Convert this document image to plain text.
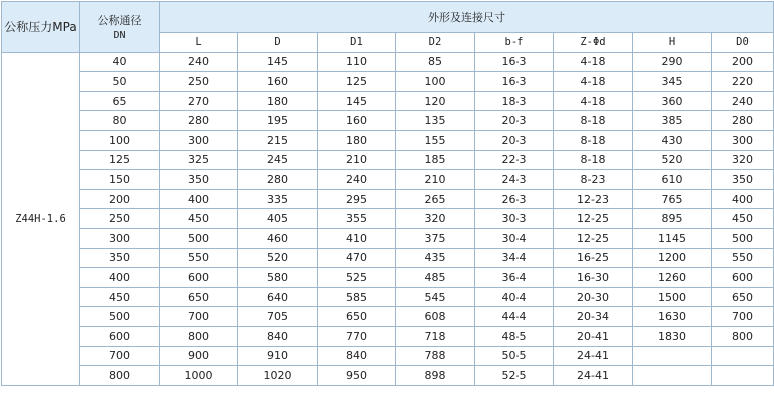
公称压力MPa	公称通径
DN	外形及连接尺寸							
		L	D	D1	D2	b-f	Z-Φd	H	D0
Z44H-1.6	40	240	145	110	85	16-3	4-18	290	200
	50	250	160	125	100	16-3	4-18	345	220
	65	270	180	145	120	18-3	4-18	360	240
	80	280	195	160	135	20-3	8-18	385	280
	100	300	215	180	155	20-3	8-18	430	300
	125	325	245	210	185	22-3	8-18	520	320
	150	350	280	240	210	24-3	8-23	610	350
	200	400	335	295	265	26-3	12-23	765	400
	250	450	405	355	320	30-3	12-25	895	450
	300	500	460	410	375	30-4	12-25	1145	500
	350	550	520	470	435	34-4	16-25	1200	550
	400	600	580	525	485	36-4	16-30	1260	600
	450	650	640	585	545	40-4	20-30	1500	650
	500	700	705	650	608	44-4	20-34	1630	700
	600	800	840	770	718	48-5	20-41	1830	800
	700	900	910	840	788	50-5	24-41		
	800	1000	1020	950	898	52-5	24-41		
